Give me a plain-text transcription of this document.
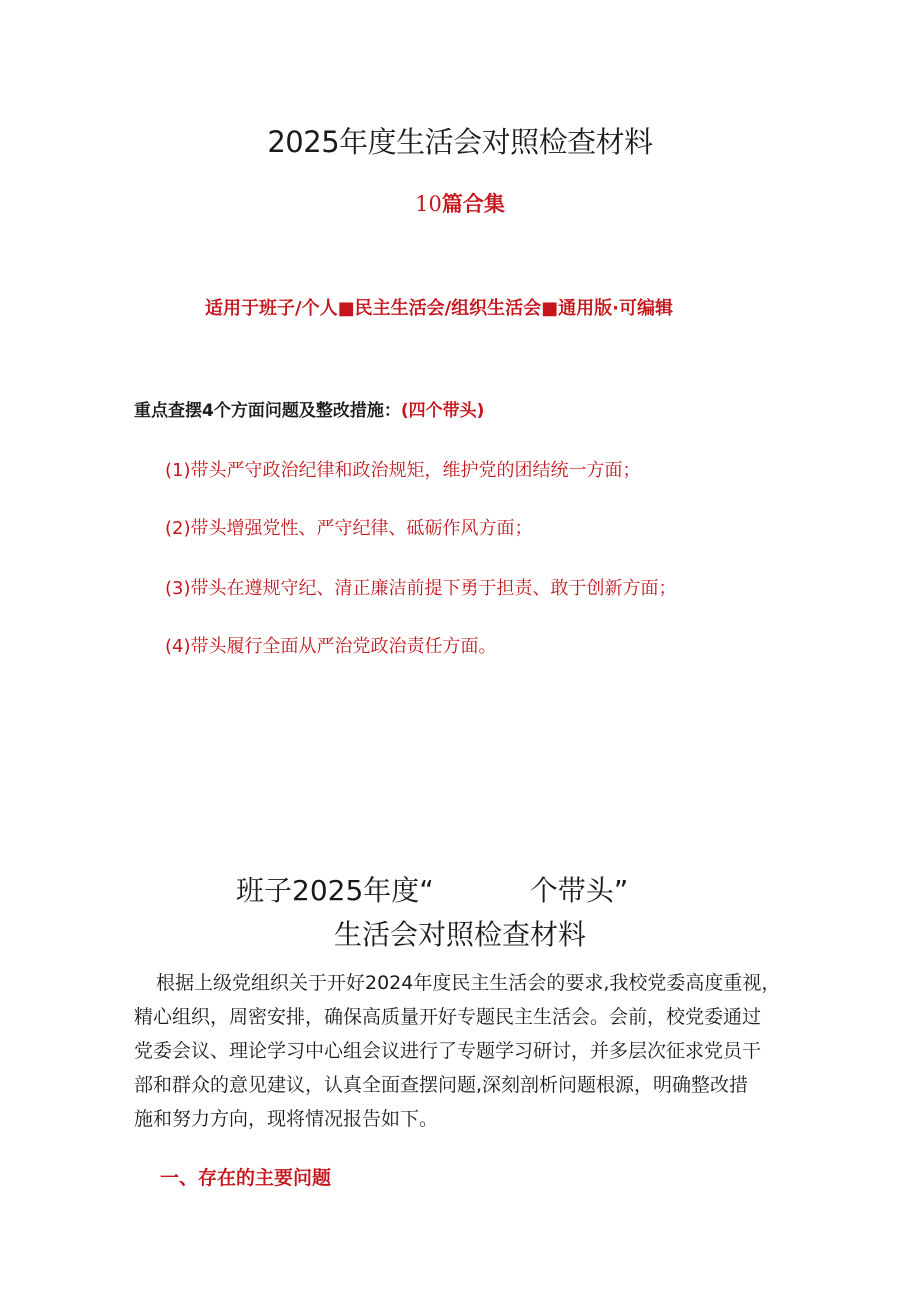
2025年度生活会对照检查材料
10篇合集
适用于班子/个人■民主生活会/组织生活会■通用版·可编辑
重点查摆4个方面问题及整改措施：(四个带头)
(1)带头严守政治纪律和政治规矩，维护党的团结统一方面；
(2)带头增强党性、严守纪律、砥砺作风方面；
(3)带头在遵规守纪、清正廉洁前提下勇于担责、敢于创新方面；
(4)带头履行全面从严治党政治责任方面。
班子2025年度“	个带头”
生活会对照检查材料
根据上级党组织关于开好2024年度民主生活会的要求,我校党委高度重视，
精心组织，周密安排，确保高质量开好专题民主生活会。会前，校党委通过
党委会议、理论学习中心组会议进行了专题学习研讨，并多层次征求党员干
部和群众的意见建议，认真全面查摆问题,深刻剖析问题根源，明确整改措
施和努力方向，现将情况报告如下。
一、存在的主要问题
